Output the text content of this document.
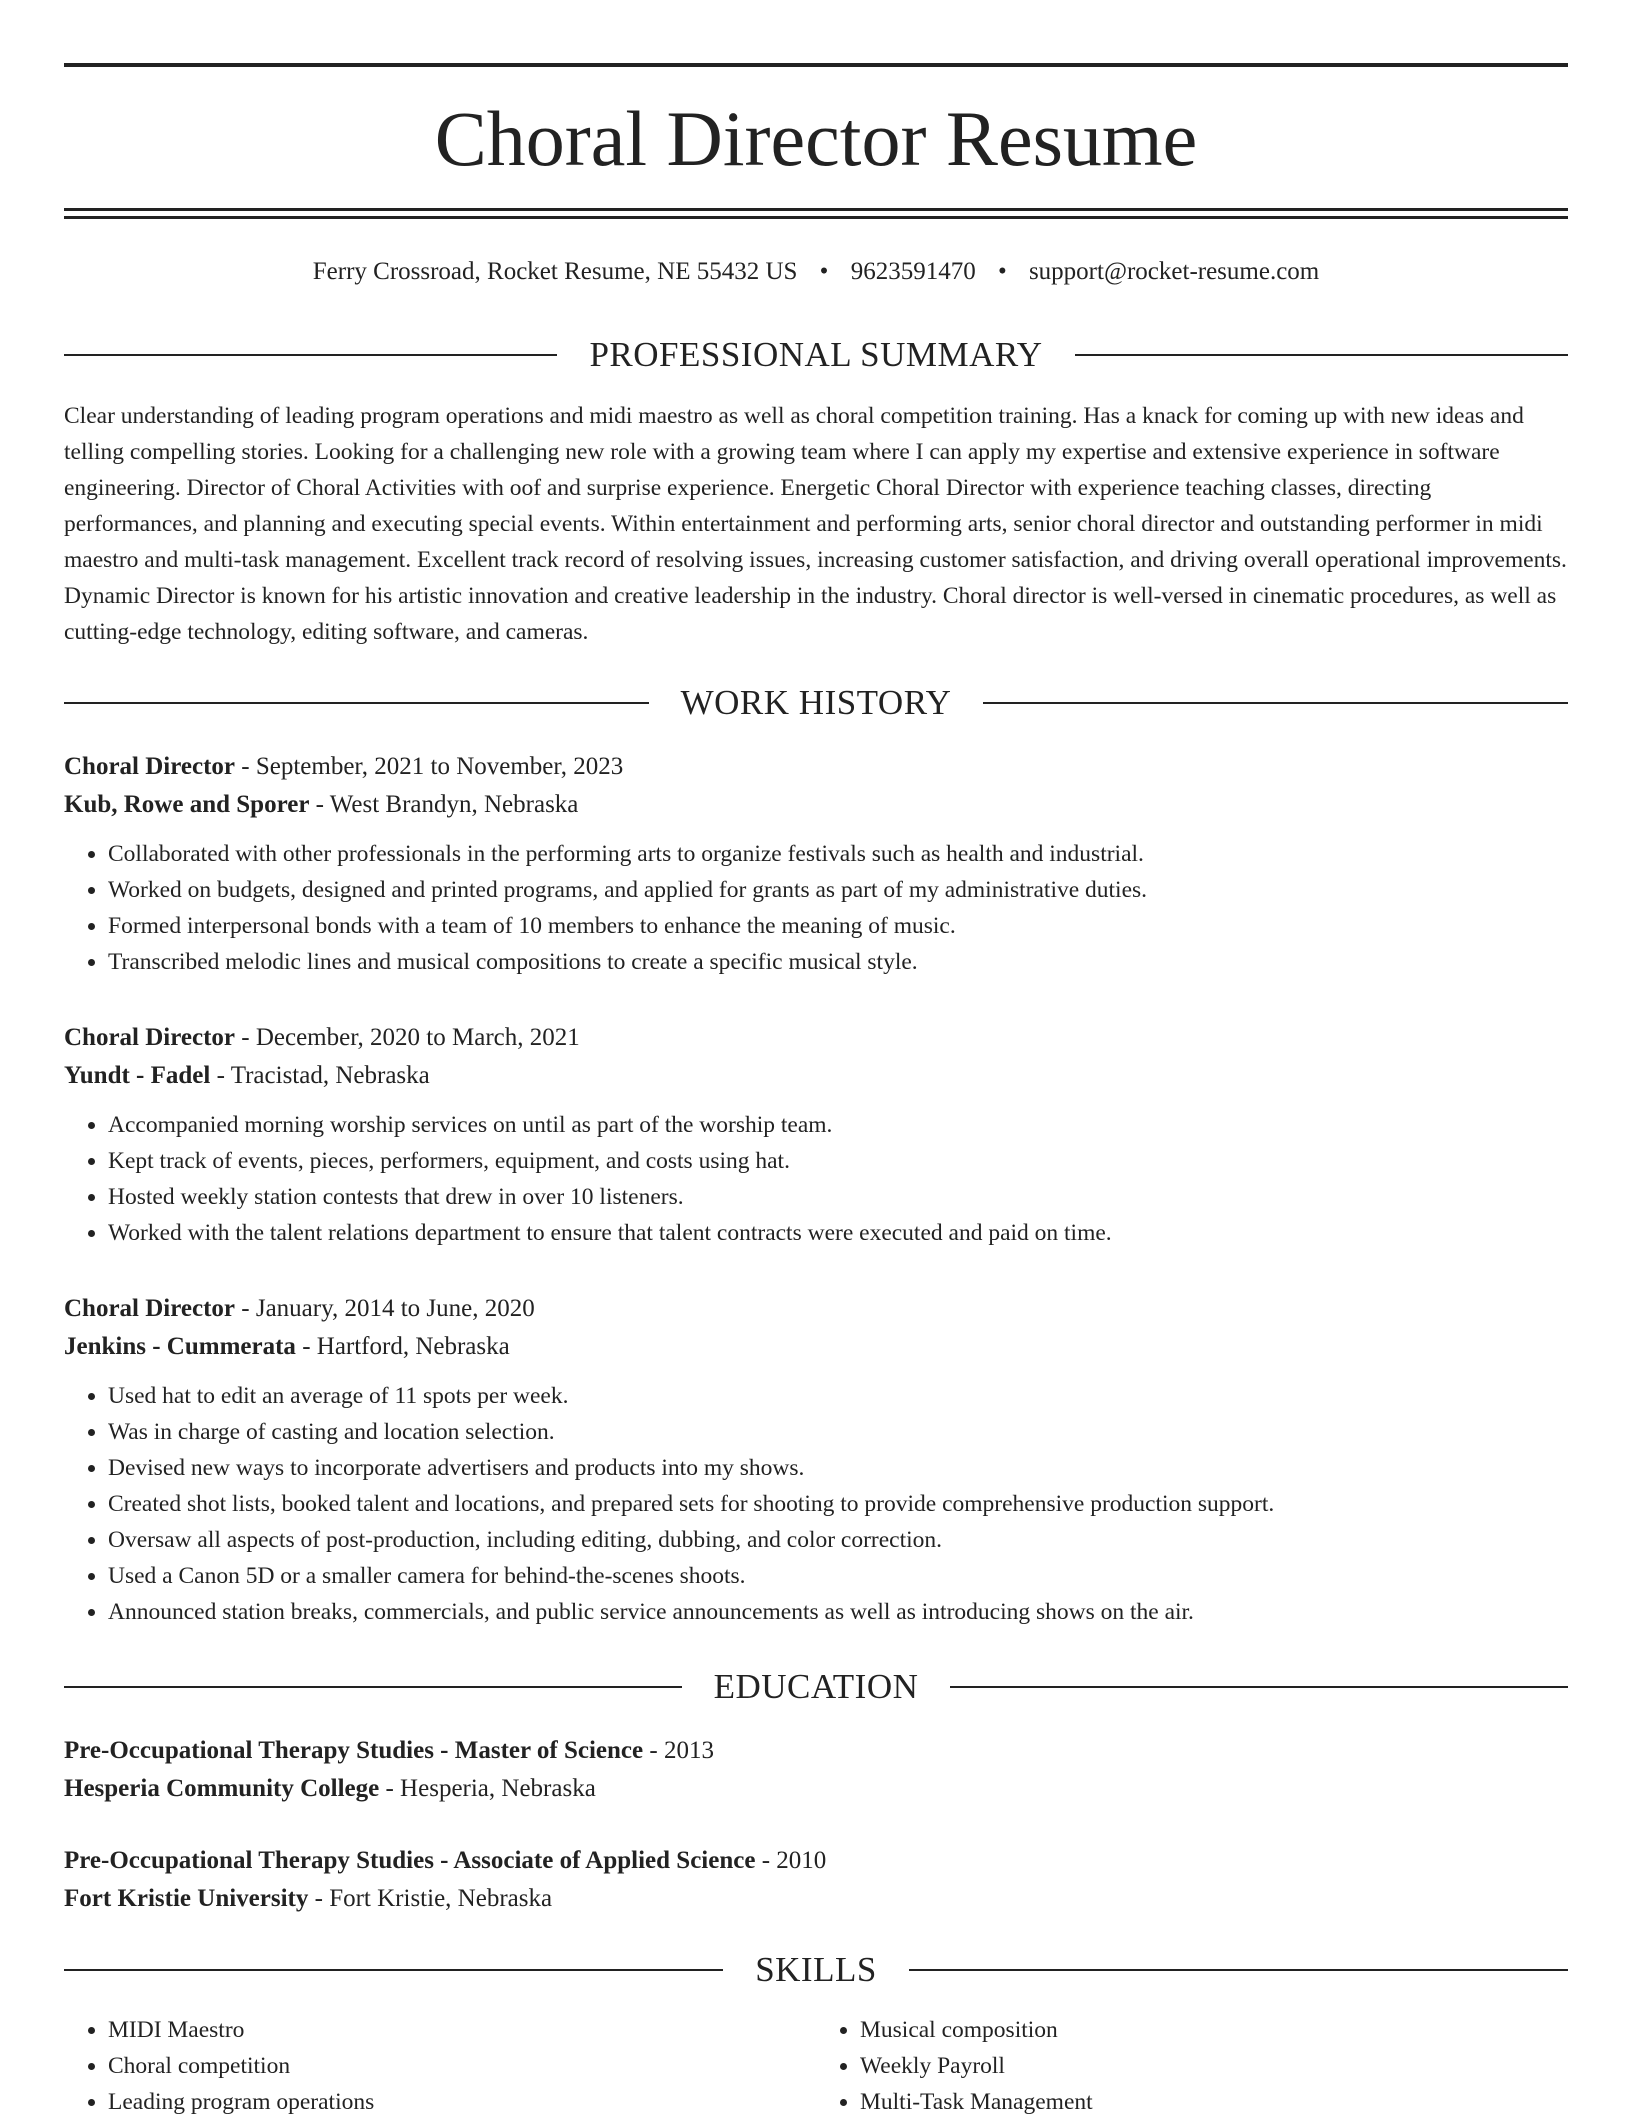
Choral Director Resume
Ferry Crossroad, Rocket Resume, NE 55432 US • 9623591470 • support@rocket-resume.com
PROFESSIONAL SUMMARY

Clear understanding of leading program operations and midi maestro as well as choral competition training. Has a knack for coming up with new ideas and telling compelling stories. Looking for a challenging new role with a growing team where I can apply my expertise and extensive experience in software engineering. Director of Choral Activities with oof and surprise experience. Energetic Choral Director with experience teaching classes, directing performances, and planning and executing special events. Within entertainment and performing arts, senior choral director and outstanding performer in midi maestro and multi-task management. Excellent track record of resolving issues, increasing customer satisfaction, and driving overall operational improvements. Dynamic Director is known for his artistic innovation and creative leadership in the industry. Choral director is well-versed in cinematic procedures, as well as cutting-edge technology, editing software, and cameras.

WORK HISTORY
Choral Director - September, 2021 to November, 2023
Kub, Rowe and Sporer - West Brandyn, Nebraska
• Collaborated with other professionals in the performing arts to organize festivals such as health and industrial.
• Worked on budgets, designed and printed programs, and applied for grants as part of my administrative duties.
• Formed interpersonal bonds with a team of 10 members to enhance the meaning of music.
• Transcribed melodic lines and musical compositions to create a specific musical style.
Choral Director - December, 2020 to March, 2021
Yundt - Fadel - Tracistad, Nebraska
• Accompanied morning worship services on until as part of the worship team.
• Kept track of events, pieces, performers, equipment, and costs using hat.
• Hosted weekly station contests that drew in over 10 listeners.
• Worked with the talent relations department to ensure that talent contracts were executed and paid on time.
Choral Director - January, 2014 to June, 2020
Jenkins - Cummerata - Hartford, Nebraska
• Used hat to edit an average of 11 spots per week.
• Was in charge of casting and location selection.
• Devised new ways to incorporate advertisers and products into my shows.
• Created shot lists, booked talent and locations, and prepared sets for shooting to provide comprehensive production support.
• Oversaw all aspects of post-production, including editing, dubbing, and color correction.
• Used a Canon 5D or a smaller camera for behind-the-scenes shoots.
• Announced station breaks, commercials, and public service announcements as well as introducing shows on the air.
EDUCATION
Pre-Occupational Therapy Studies - Master of Science - 2013
Hesperia Community College - Hesperia, Nebraska
Pre-Occupational Therapy Studies - Associate of Applied Science - 2010
Fort Kristie University - Fort Kristie, Nebraska
SKILLS
• MIDI Maestro
• Choral competition
• Leading program operations
• Musical composition
• Weekly Payroll
• Multi-Task Management
